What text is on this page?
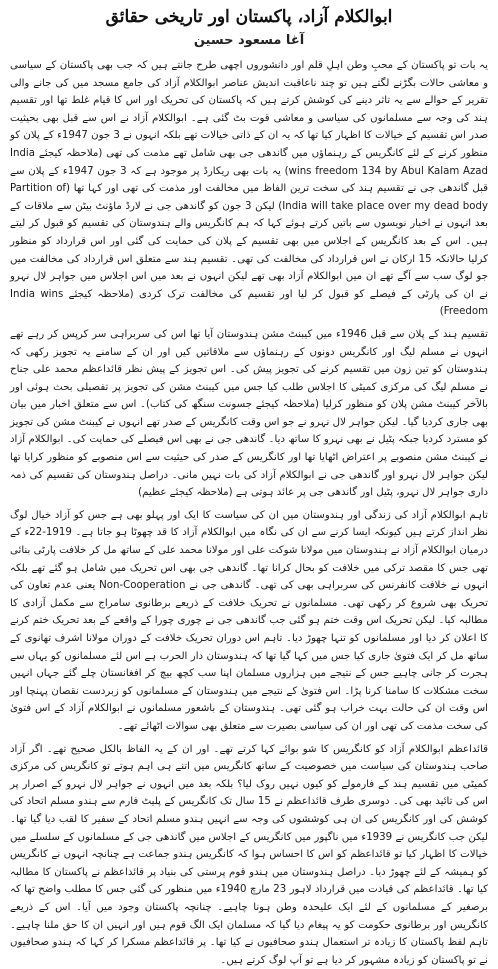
ابوالکلام آزاد، پاکستان اور تاریخی حقائق
آغا مسعود حسین

یہ بات تو پاکستان کے محبِ وطن اہلِ قلم اور دانشوروں اچھی طرح جانتے ہیں کہ جب بھی پاکستان کے سیاسی و معاشی حالات بگڑنے لگتے ہیں تو چند ناعاقبت اندیش عناصر ابوالکلام آزاد کی جامع مسجد میں کی جانے والی تقریر کے حوالے سے یہ تاثر دینے کی کوشش کرتے ہیں کہ پاکستان کی تحریک اور اس کا قیام غلط تھا اور تقسیم ہند کی وجہ سے مسلمانوں کی سیاسی و معاشی قوت بٹ گئی ہے۔ ابوالکلام آزاد نے اس سے قبل بھی بحیثیت صدر اس تقسیم کے خیالات کا اظہار کیا تھا کہ یہ ان کے ذاتی خیالات تھے بلکہ انہوں نے 3 جون 1947ء کے پلان کو منظور کرنے کے لئے کانگریس کے رہنماؤں میں گاندھی جی بھی شامل تھے مذمت کی تھی (ملاحظہ کیجئے India wins freedom 134 by Abul Kalam Azad) یہ بات بھی ریکارڈ پر موجود ہے کہ 3 جون 1947ء کے پلان سے قبل گاندھی جی نے تقسیم ہند کی سخت ترین الفاظ میں مخالفت اور مذمت کی تھی اور کہا تھا (Partition of India will take place over my dead body) لیکن 3 جون کو گاندھی جی نے لارڈ ماؤنٹ بیٹن سے ملاقات کے بعد انہوں نے اخبار نویسوں سے باتیں کرتے ہوئے کہا کہ ہم کانگریس والے ہندوستان کی تقسیم کو قبول کر لیتے ہیں۔ اس کے بعد کانگریس کے اجلاس میں بھی تقسیم کے پلان کی حمایت کی گئی اور اس قرارداد کو منظور کرلیا حالانکہ 15 ارکان نے اس قرارداد کی مخالفت کی تھی۔ تقسیم ہند سے متعلق اس قرارداد کی مخالفت میں جو لوگ سب سے آگے تھے ان میں ابوالکلام آزاد بھی تھے لیکن انہوں نے بعد میں اس اجلاس میں جواہر لال نہرو نے ان کی پارٹی کے فیصلے کو قبول کر لیا اور تقسیم کی مخالفت ترک کردی (ملاحظہ کیجئے India wins Freedom)

تقسیم ہند کے پلان سے قبل 1946ء میں کیبنٹ مشن ہندوستان آیا تھا اس کی سربراہی سر کرپس کر رہے تھے انہوں نے مسلم لیگ اور کانگریس دونوں کے رہنماؤں سے ملاقاتیں کیں اور ان کے سامنے یہ تجویز رکھی کہ ہندوستان کو تین زون میں تقسیم کرنے کی تجویز پیش کی۔ اس تجویز کے پیش نظر قائداعظم محمد علی جناح نے مسلم لیگ کی مرکزی کمیٹی کا اجلاس طلب کیا جس میں کیبنٹ مشن کی تجویز پر تفصیلی بحث ہوئی اور بالآخر کیبنٹ مشن پلان کو منظور کرلیا (ملاحظہ کیجئے جسونت سنگھ کی کتاب)۔ اس سے متعلق اخبار میں بیان بھی جاری کردیا گیا۔ لیکن جواہر لال نہرو نے جو اس وقت کانگریس کے صدر تھے انہوں نے کیبنٹ مشن کی تجویز کو مسترد کردیا جبکہ پٹیل نے بھی نہرو کا ساتھ دیا۔ گاندھی جی نے بھی اس فیصلے کی حمایت کی۔ ابوالکلام آزاد نے کیبنٹ مشن منصوبے پر اعتراض اٹھایا تھا اور کانگریس کے صدر کی حیثیت سے اس منصوبے کو منظور کرایا تھا لیکن جواہر لال نہرو اور گاندھی جی نے ابوالکلام آزاد کی بات نہیں مانی۔ دراصل ہندوستان کی تقسیم کی ذمہ داری جواہر لال نہرو، پٹیل اور گاندھی جی پر عائد ہوتی ہے (ملاحظہ کیجئے عظیم)

تاہم ابوالکلام آزاد کی زندگی اور ہندوستان میں ان کی سیاست کا ایک اور پہلو بھی ہے جس کو آزاد خیال لوگ نظر انداز کرتے ہیں کیونکہ ایسا کرنے سے ان کی نگاہ میں ابوالکلام آزاد کا قد چھوٹا ہو جاتا ہے۔ 1919-22ء کے درمیان ابوالکلام آزاد نے ہندوستان میں مولانا شوکت علی اور مولانا محمد علی کے ساتھ مل کر خلافت پارٹی بنائی تھی جس کا مقصد ترکی میں خلافت کو بحال کرانا تھا۔ گاندھی جی بھی اس تحریک میں شامل ہو گئے تھے بلکہ انہوں نے خلافت کانفرنس کی سربراہی بھی کی تھی۔ گاندھی جی نے Non-Cooperation یعنی عدم تعاون کی تحریک بھی شروع کر رکھی تھی۔ مسلمانوں نے تحریک خلافت کے ذریعے برطانوی سامراج سے مکمل آزادی کا مطالبہ کیا۔ لیکن تحریک اس وقت ختم ہو گئی جب گاندھی جی نے چوری چورا کے واقعے کے بعد تحریک ختم کرنے کا اعلان کر دیا اور مسلمانوں کو تنہا چھوڑ دیا۔ تاہم اس دوران تحریک خلافت کے دوران مولانا اشرف تھانوی کے ساتھ مل کر ایک فتویٰ جاری کیا جس میں کہا گیا تھا کہ ہندوستان دار الحرب ہے اس لئے مسلمانوں کو یہاں سے ہجرت کر جانی چاہیے جس کے نتیجے میں ہزاروں مسلمان اپنا سب کچھ بیچ کر افغانستان چلے گئے جہاں انہیں سخت مشکلات کا سامنا کرنا پڑا۔ اس فتویٰ کے نتیجے میں ہندوستان کے مسلمانوں کو زبردست نقصان پہنچا اور اس وقت ان کی حالت بہت خراب ہو گئی تھی۔ ہندوستان کے باشعور مسلمانوں نے ابوالکلام آزاد کے اس فتویٰ کی سخت مذمت کی تھی اور ان کی سیاسی بصیرت سے متعلق بھی سوالات اٹھائے تھے۔

قائداعظم ابوالکلام آزاد کو کانگریس کا شو بوائے کہا کرتے تھے۔ اور ان کے یہ الفاظ بالکل صحیح تھے۔ اگر آزاد صاحب ہندوستان کی سیاست میں خصوصیت کے ساتھ کانگریس میں اتنے ہی اہم ہوتے تو کانگریس کی مرکزی کمیٹی میں تقسیم ہند کے فارمولے کو کیوں نہیں روک لیا؟ بلکہ بعد میں انہوں نے جواہر لال نہرو کے اصرار پر اس کی تائید بھی کی۔ دوسری طرف قائداعظم نے 15 سال تک کانگریس کے پلیٹ فارم سے ہندو مسلم اتحاد کی کوشش کی اور کانگریس کی ان ہی کوششوں کی وجہ سے انہیں ہندو مسلم اتحاد کے سفیر کا لقب دیا گیا تھا۔ لیکن جب کانگریس نے 1939ء میں ناگپور میں کانگریس کے اجلاس میں گاندھی جی کے مسلمانوں کے سلسلے میں خیالات کا اظہار کیا تو قائداعظم کو اس کا احساس ہوا کہ کانگریس ہندو جماعت ہے چنانچہ انہوں نے کانگریس کو ہمیشہ کے لئے چھوڑ دیا۔ دراصل ہندوستان میں ہندو قوم پرستی کی بنیاد پر قائداعظم نے پاکستان کا مطالبہ کیا تھا۔ قائداعظم کی قیادت میں قرارداد لاہور 23 مارچ 1940ء میں منظور کی گئی جس کا مطلب واضح تھا کہ برصغیر کے مسلمانوں کے لئے ایک علیحدہ وطن ہونا چاہیے۔ چنانچہ پاکستان وجود میں آیا۔ اس کے ذریعے کانگریس اور برطانوی حکومت کو یہ پیغام دیا گیا کہ مسلمان ایک الگ قوم ہیں اور انہیں ان کا حق ملنا چاہیے۔ تاہم لفظ پاکستان کا زیادہ تر استعمال ہندو صحافیوں نے کیا تھا۔ پر قائداعظم مسکرا کر کہا کہ ہندو صحافیوں نے تو پاکستان کو زیادہ مشہور کر دیا ہے تو آپ لوگ کرتے ہیں۔
